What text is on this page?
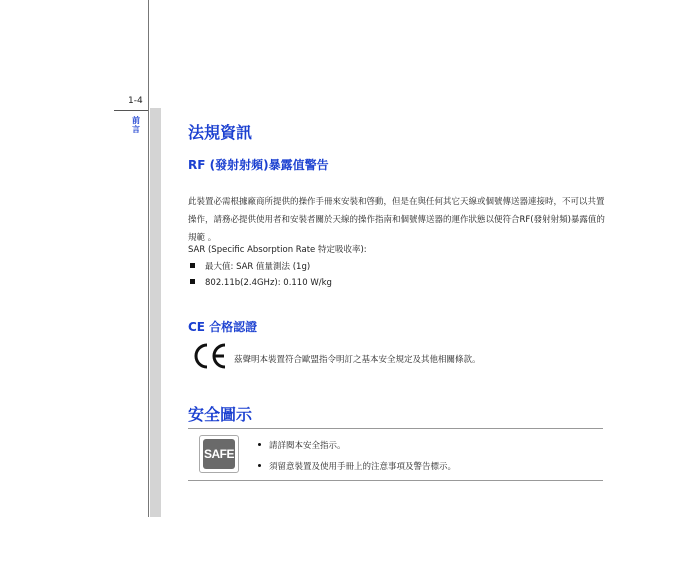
1-4
前言	法規資訊
RF (發射射頻)暴露值警告

此裝置必需根據廠商所提供的操作手冊來安裝和啓動，但是在與任何其它天線或個號傳送器連接時，不可以共置操作，請務必提供使用者和安裝者關於天線的操作指南和個號傳送器的運作狀態以便符合RF(發射射頻)暴露值的規範 。

SAR (Specific Absorption Rate 特定吸收率):
最大值: SAR 值量測法 (1g)
802.11b(2.4GHz): 0.110 W/kg
CE 合格認證
茲聲明本裝置符合歐盟指令明訂之基本安全規定及其他相關條款。
安全圖示
SAFE
請詳閱本安全指示。
須留意裝置及使用手冊上的注意事項及警告標示。
